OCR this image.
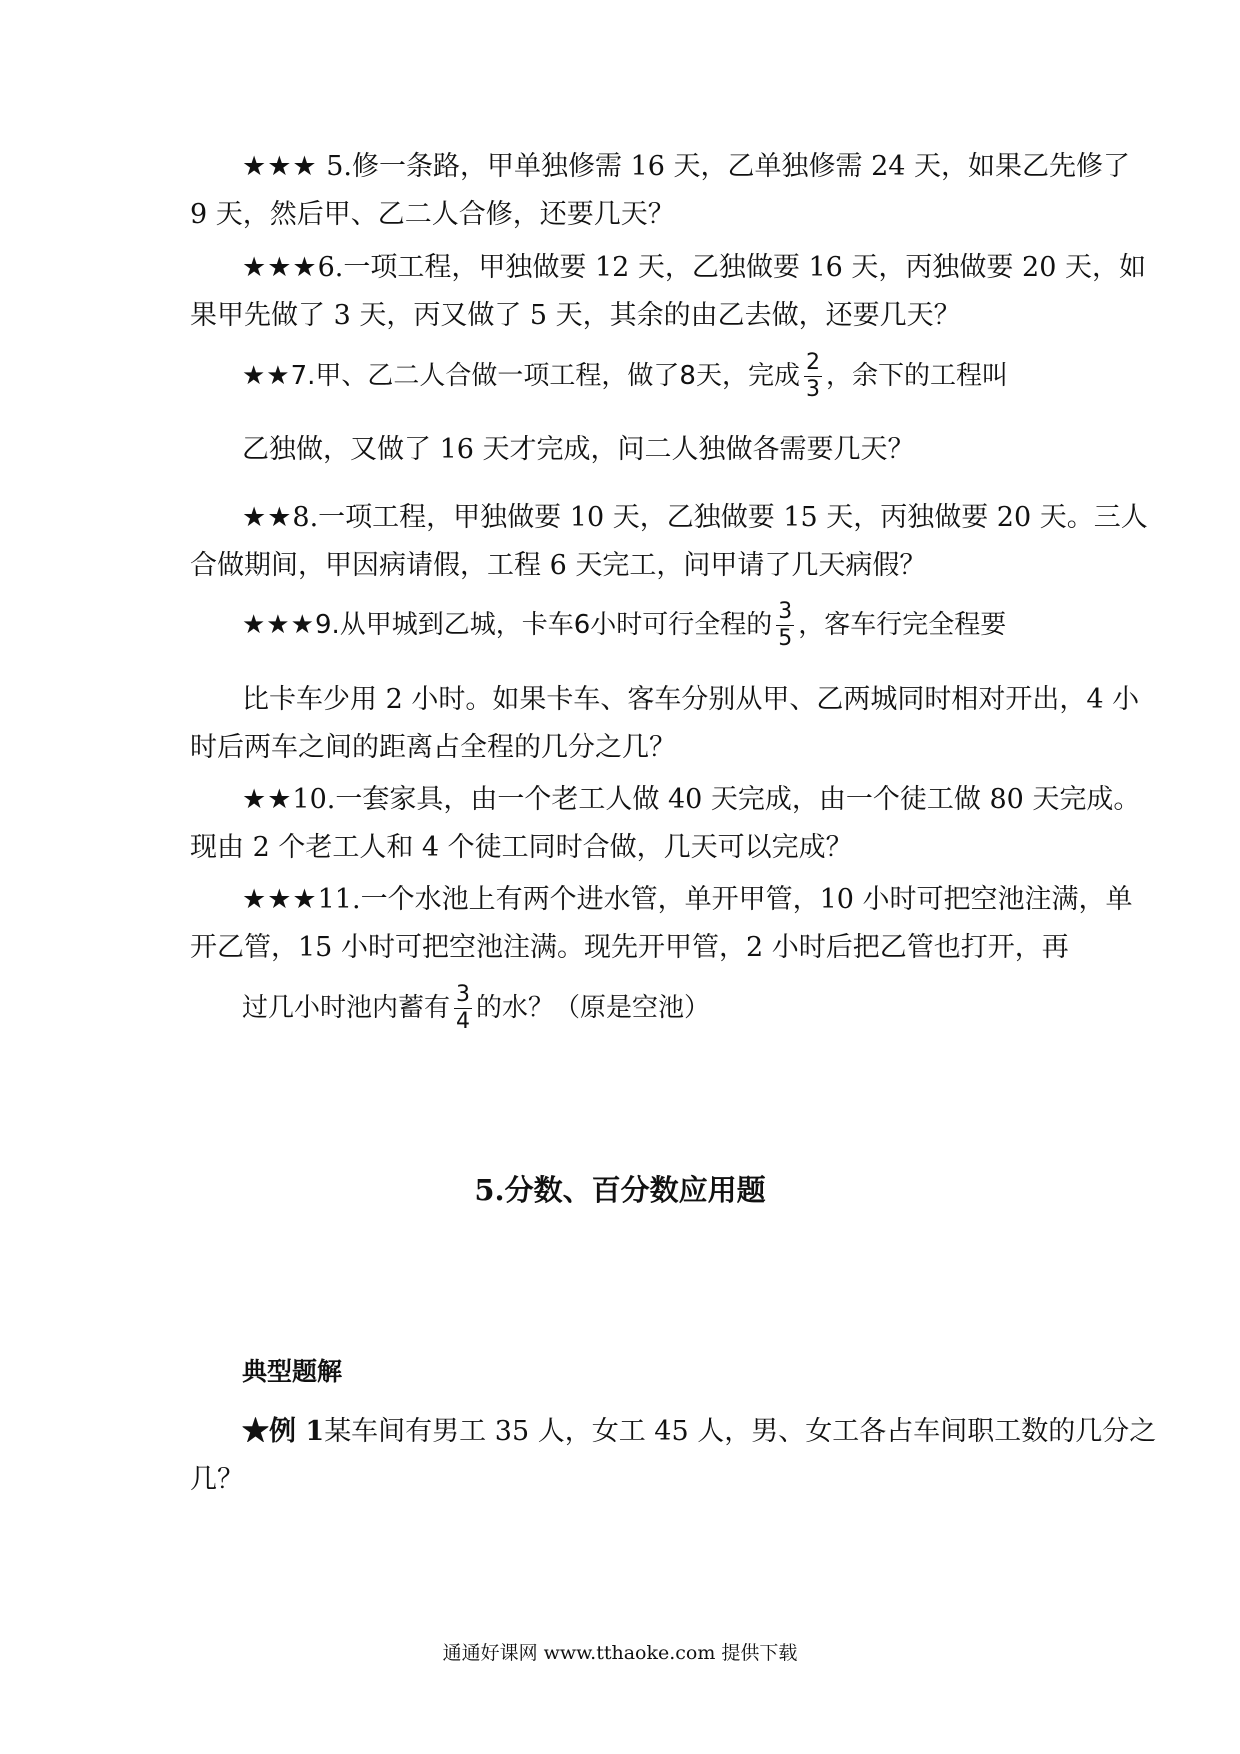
★★★ 5.修一条路，甲单独修需 16 天，乙单独修需 24 天，如果乙先修了
9 天，然后甲、乙二人合修，还要几天？
★★★6.一项工程，甲独做要 12 天，乙独做要 16 天，丙独做要 20 天，如
果甲先做了 3 天，丙又做了 5 天，其余的由乙去做，还要几天？
★★ 7.甲、乙二人合做一项工程，做了8天，完成 $\frac{2}{3}$ ，余下的工程叫
乙独做，又做了 16 天才完成，问二人独做各需要几天？
★★8.一项工程，甲独做要 10 天，乙独做要 15 天，丙独做要 20 天。三人
合做期间，甲因病请假，工程 6 天完工，问甲请了几天病假？
★★★ 9.从甲城到乙城，卡车6小时可行全程的 $\frac{3}{5}$ ，客车行完全程要
比卡车少用 2 小时。如果卡车、客车分别从甲、乙两城同时相对开出，4 小
时后两车之间的距离占全程的几分之几？
★★10.一套家具，由一个老工人做 40 天完成，由一个徒工做 80 天完成。
现由 2 个老工人和 4 个徒工同时合做，几天可以完成？
★★★11.一个水池上有两个进水管，单开甲管，10 小时可把空池注满，单
开乙管，15 小时可把空池注满。现先开甲管，2 小时后把乙管也打开，再
过几小时池内蓄有 $\frac{3}{4}$ 的水？（原是空池）
5.分数、百分数应用题
典型题解
★例 1某车间有男工 35 人，女工 45 人，男、女工各占车间职工数的几分之
几？
通通好课网 www.tthaoke.com 提供下载
